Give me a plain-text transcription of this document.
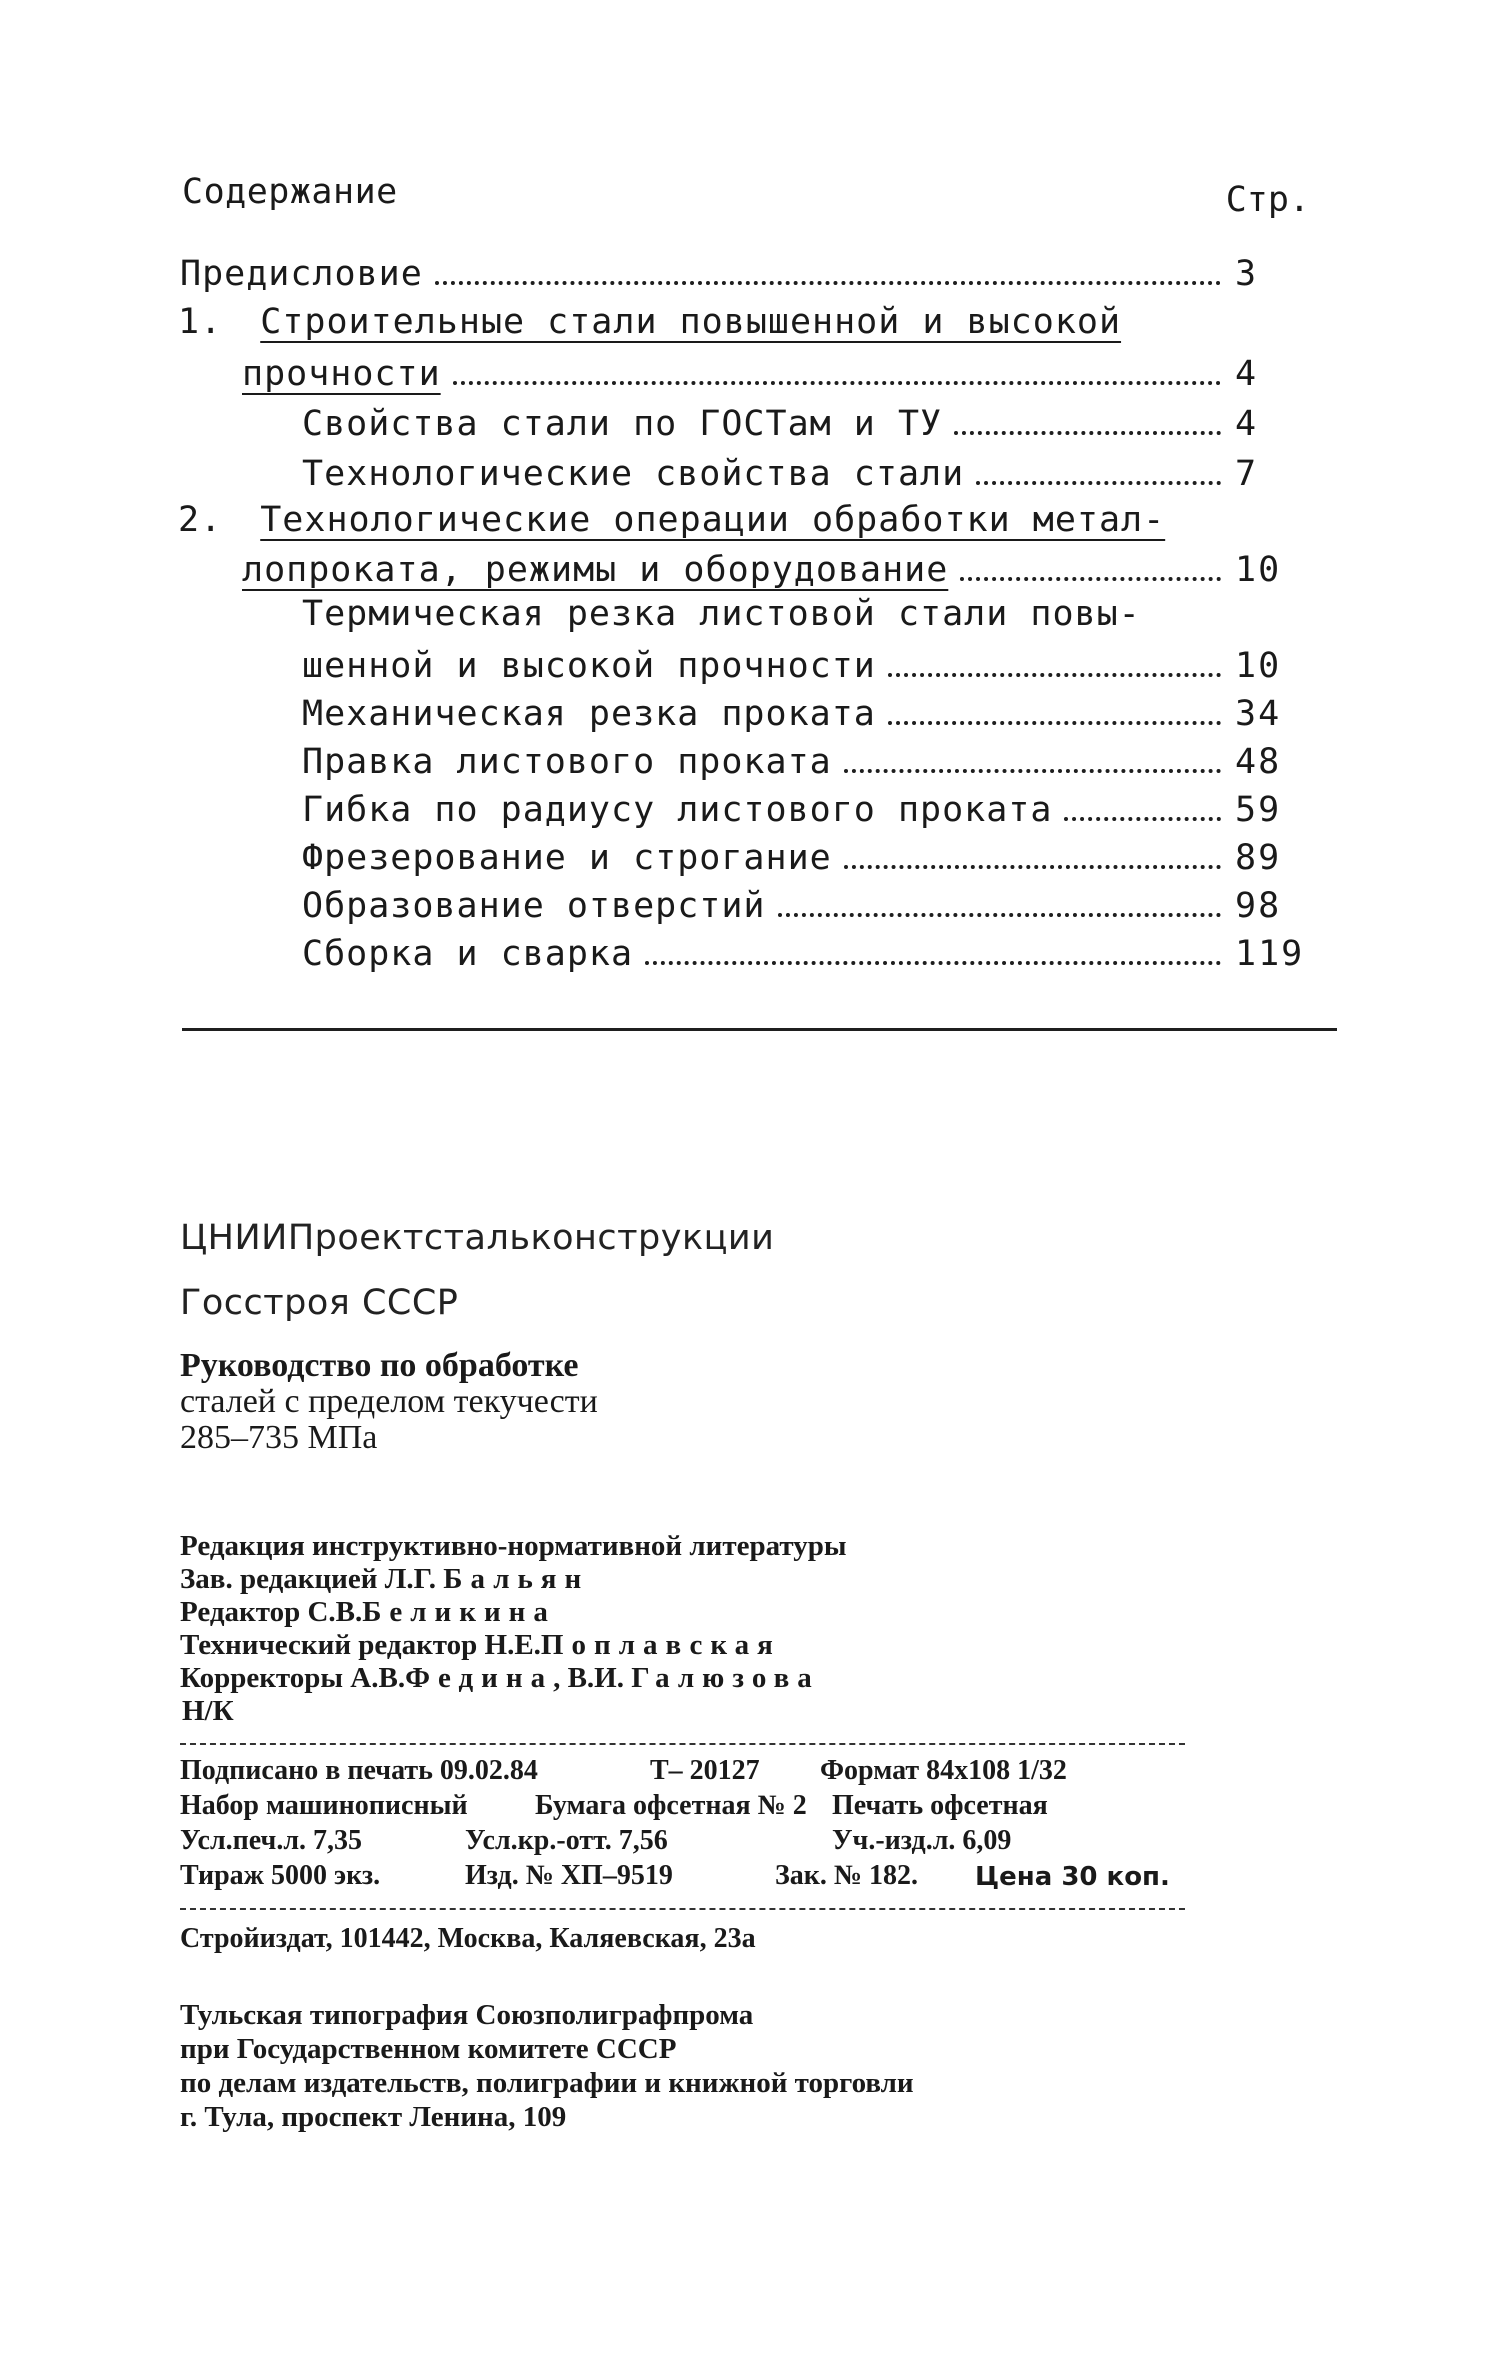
Содержание	Стр.
Предисловие	3
1. Строительные стали повышенной и высокой
прочности	4
Свойства стали по ГОСТам и ТУ	4
Технологические свойства стали	7
2. Технологические операции обработки метал-
лопроката, режимы и оборудование	10
Термическая резка листовой стали повы-
шенной и высокой прочности	10
Механическая резка проката	34
Правка листового проката	48
Гибка по радиусу листового проката	59
Фрезерование и строгание	89
Образование отверстий	98
Сборка и сварка	119
ЦНИИПроектстальконструкции
Госстроя СССР
Руководство по обработке
сталей с пределом текучести
285–735 МПа
Редакция инструктивно-нормативной литературы
Зав. редакцией Л.Г. Бальян
Редактор С.В.Беликина
Технический редактор Н.Е.Поплавская
Корректоры А.В.Федина, В.И. Галюзова
Н/К
Подписано в печать 09.02.84	Т– 20127 Формат 84х108 1/32
Набор машинописный Бумага офсетная № 2 Печать офсетная
Усл.печ.л. 7,35	Усл.кр.-отт. 7,56	Уч.-изд.л. 6,09
Тираж 5000 экз.	Изд. № ХП–9519	Зак. № 182. Цена 30 коп.
Стройиздат, 101442, Москва, Каляевская, 23а
Тульская типография Союзполиграфпрома
при Государственном комитете СССР
по делам издательств, полиграфии и книжной торговли
г. Тула, проспект Ленина, 109
